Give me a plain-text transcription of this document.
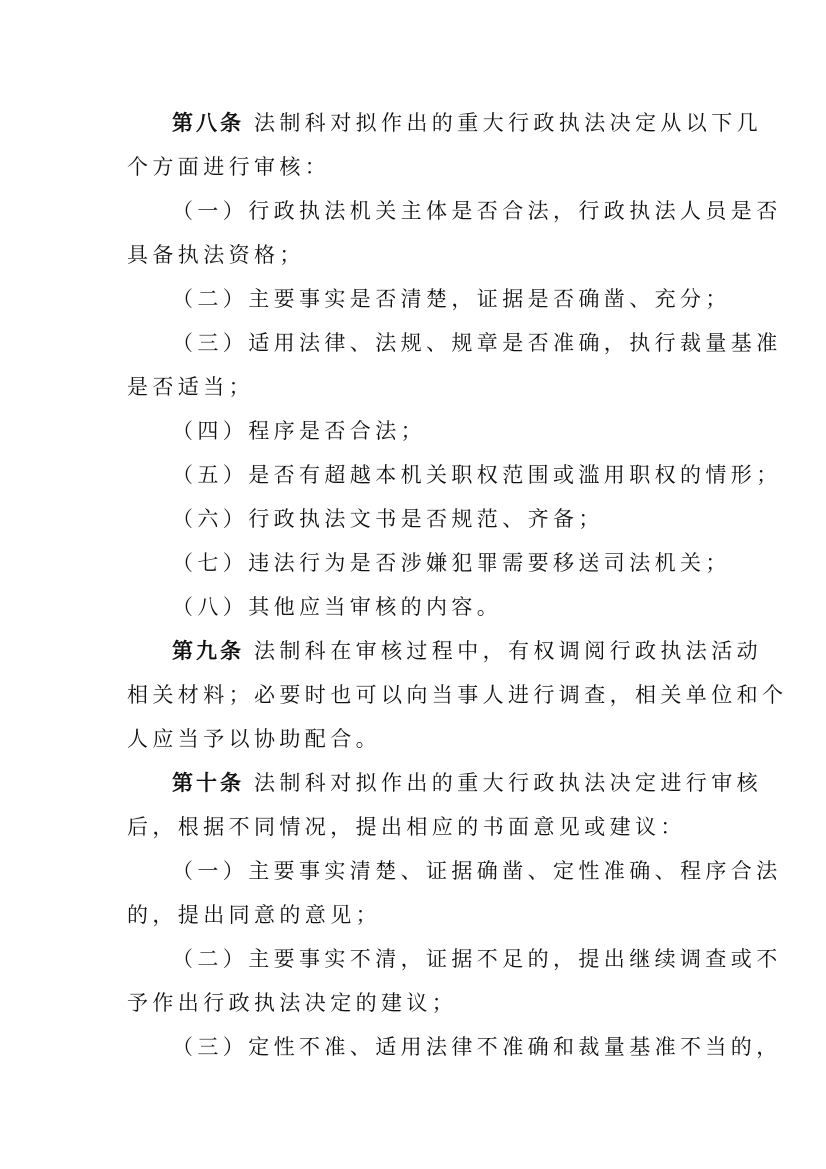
第八条 法制科对拟作出的重大行政执法决定从以下几
个方面进行审核：
（一）行政执法机关主体是否合法，行政执法人员是否
具备执法资格；
（二）主要事实是否清楚，证据是否确凿、充分；
（三）适用法律、法规、规章是否准确，执行裁量基准
是否适当；
（四）程序是否合法；
（五）是否有超越本机关职权范围或滥用职权的情形；
（六）行政执法文书是否规范、齐备；
（七）违法行为是否涉嫌犯罪需要移送司法机关；
（八）其他应当审核的内容。
第九条 法制科在审核过程中，有权调阅行政执法活动
相关材料；必要时也可以向当事人进行调查，相关单位和个
人应当予以协助配合。
第十条 法制科对拟作出的重大行政执法决定进行审核
后，根据不同情况，提出相应的书面意见或建议：
（一）主要事实清楚、证据确凿、定性准确、程序合法
的，提出同意的意见；
（二）主要事实不清，证据不足的，提出继续调查或不
予作出行政执法决定的建议；
（三）定性不准、适用法律不准确和裁量基准不当的，
